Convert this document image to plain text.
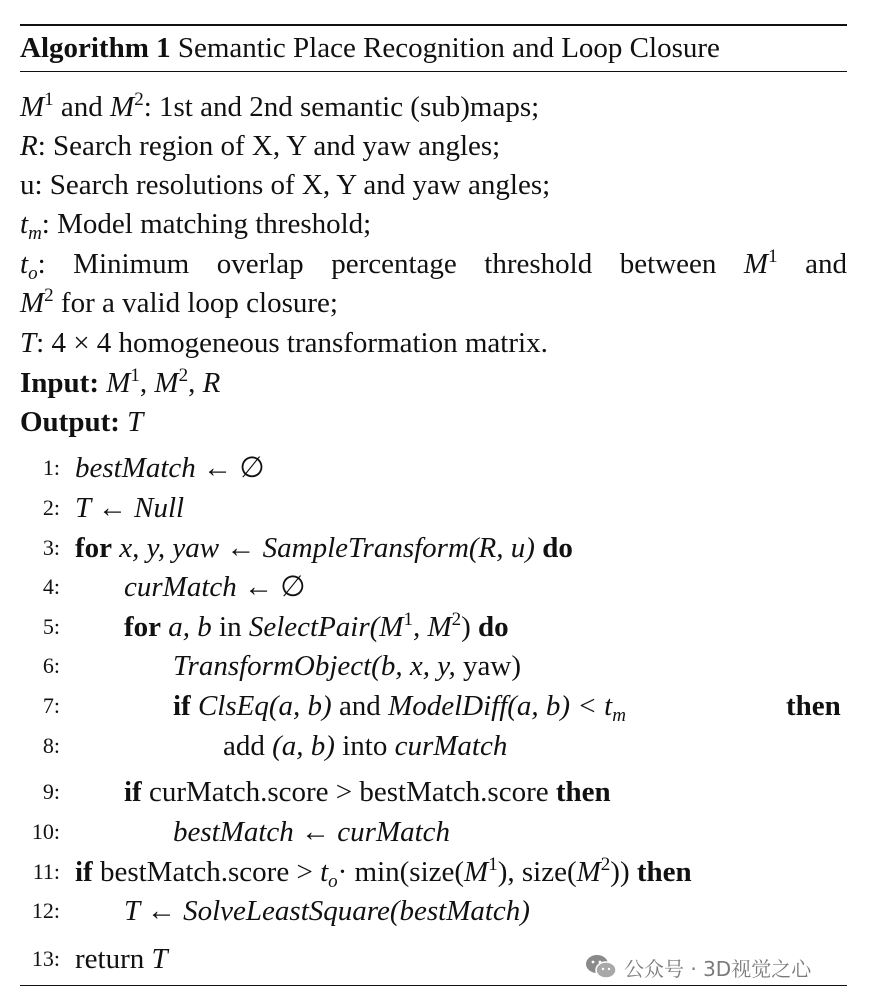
Algorithm 1 Semantic Place Recognition and Loop Closure
$M^1$ and $M^2$: 1st and 2nd semantic (sub)maps;
R: Search region of X, Y and yaw angles;
u: Search resolutions of X, Y and yaw angles;
$t_m$: Model matching threshold;
$t_o$: Minimum overlap percentage threshold between $M^1$ and
$M^2$ for a valid loop closure;
T: 4 × 4 homogeneous transformation matrix.
Input: $M^1$, $M^2$, R
Output: T
1: bestMatch ← ∅
2: T ← Null
3: for x, y, yaw ← SampleTransform(R, u) do
4: curMatch ← ∅
5: for a, b in $SelectPair(M^1$, $M^2$) do
6:	TransformObject(b, x, y, yaw)
7:	if ClsEq(a, b) and ModelDiff(a, $b) < t_m$	then
8:	add (a, b) into curMatch
9: if curMatch.score > bestMatch.score then
10:	bestMatch ← curMatch
11: if bestMatch.score > $t_o\cdot$ $\min(size(M^1)$, $size(M^2)$) then
12: T ← SolveLeastSquare(bestMatch)
13: return T	公众号 · 3D视觉之心
